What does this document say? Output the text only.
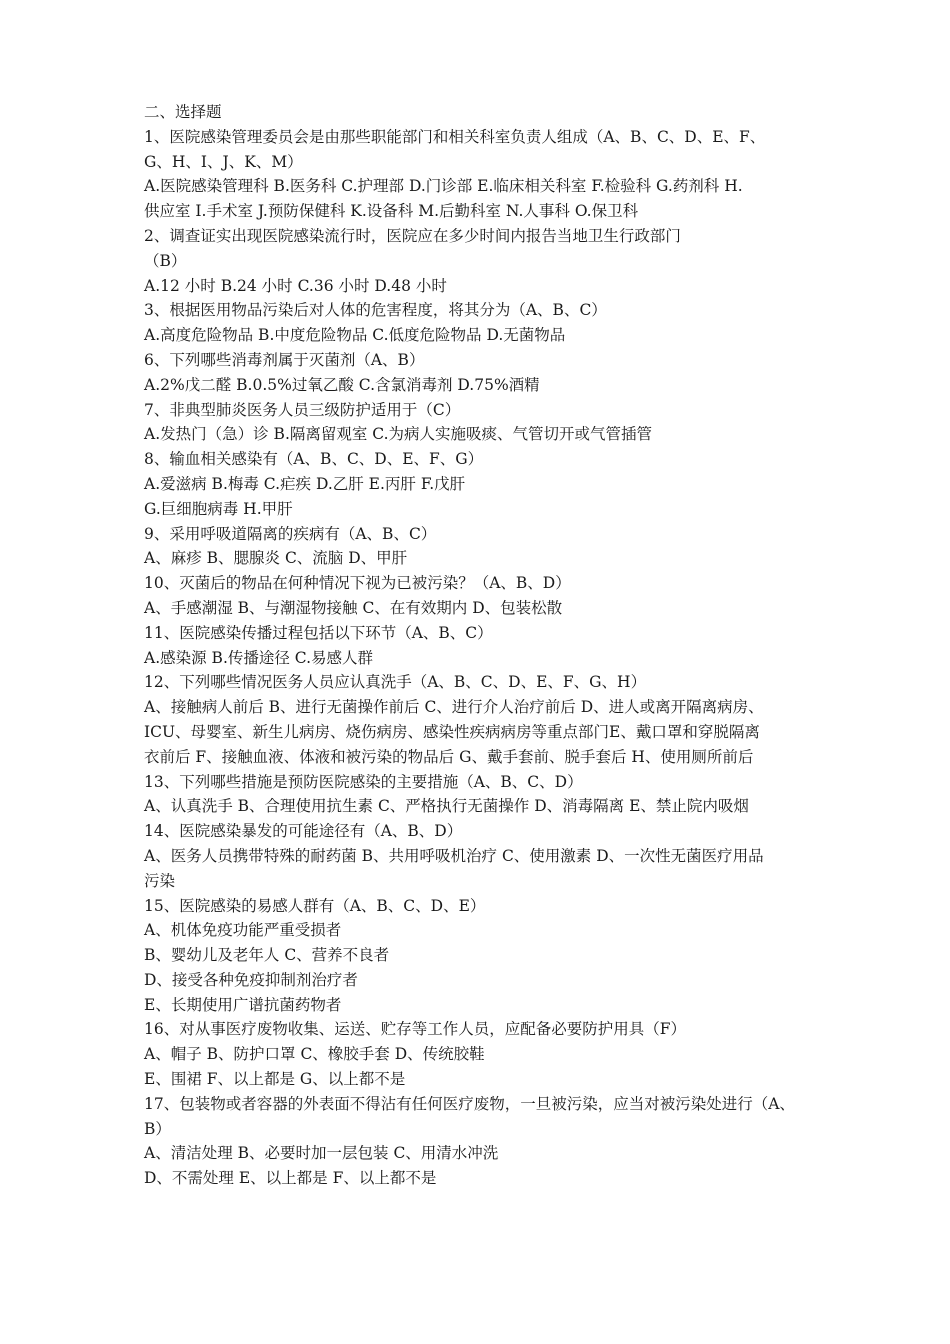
二、选择题
1、医院感染管理委员会是由那些职能部门和相关科室负责人组成（A、B、C、D、E、F、
G、H、I、J、K、M）
A.医院感染管理科 B.医务科 C.护理部 D.门诊部 E.临床相关科室 F.检验科 G.药剂科 H.
供应室 I.手术室 J.预防保健科 K.设备科 M.后勤科室 N.人事科 O.保卫科
2、调查证实出现医院感染流行时，医院应在多少时间内报告当地卫生行政部门
（B）
A.12 小时 B.24 小时 C.36 小时 D.48 小时
3、根据医用物品污染后对人体的危害程度，将其分为（A、B、C）
A.高度危险物品 B.中度危险物品 C.低度危险物品 D.无菌物品
6、下列哪些消毒剂属于灭菌剂（A、B）
A.2%戊二醛 B.0.5%过氧乙酸 C.含氯消毒剂 D.75%酒精
7、非典型肺炎医务人员三级防护适用于（C）
A.发热门（急）诊 B.隔离留观室 C.为病人实施吸痰、气管切开或气管插管
8、输血相关感染有（A、B、C、D、E、F、G）
A.爱滋病 B.梅毒 C.疟疾 D.乙肝 E.丙肝 F.戊肝
G.巨细胞病毒 H.甲肝
9、采用呼吸道隔离的疾病有（A、B、C）
A、麻疹 B、腮腺炎 C、流脑 D、甲肝
10、灭菌后的物品在何种情况下视为已被污染？（A、B、D）
A、手感潮湿 B、与潮湿物接触 C、在有效期内 D、包装松散
11、医院感染传播过程包括以下环节（A、B、C）
A.感染源 B.传播途径 C.易感人群
12、下列哪些情况医务人员应认真洗手（A、B、C、D、E、F、G、H）
A、接触病人前后 B、进行无菌操作前后 C、进行介人治疗前后 D、进人或离开隔离病房、
ICU、母婴室、新生儿病房、烧伤病房、感染性疾病病房等重点部门E、戴口罩和穿脱隔离
衣前后 F、接触血液、体液和被污染的物品后 G、戴手套前、脱手套后 H、使用厕所前后
13、下列哪些措施是预防医院感染的主要措施（A、B、C、D）
A、认真洗手 B、合理使用抗生素 C、严格执行无菌操作 D、消毒隔离 E、禁止院内吸烟
14、医院感染暴发的可能途径有（A、B、D）
A、医务人员携带特殊的耐药菌 B、共用呼吸机治疗 C、使用激素 D、一次性无菌医疗用品
污染
15、医院感染的易感人群有（A、B、C、D、E）
A、机体免疫功能严重受损者
B、婴幼儿及老年人 C、营养不良者
D、接受各种免疫抑制剂治疗者
E、长期使用广谱抗菌药物者
16、对从事医疗废物收集、运送、贮存等工作人员，应配备必要防护用具（F）
A、帽子 B、防护口罩 C、橡胶手套 D、传统胶鞋
E、围裙 F、以上都是 G、以上都不是
17、包装物或者容器的外表面不得沾有任何医疗废物，一旦被污染，应当对被污染处进行（A、
B）
A、清洁处理 B、必要时加一层包装 C、用清水冲洗
D、不需处理 E、以上都是 F、以上都不是
